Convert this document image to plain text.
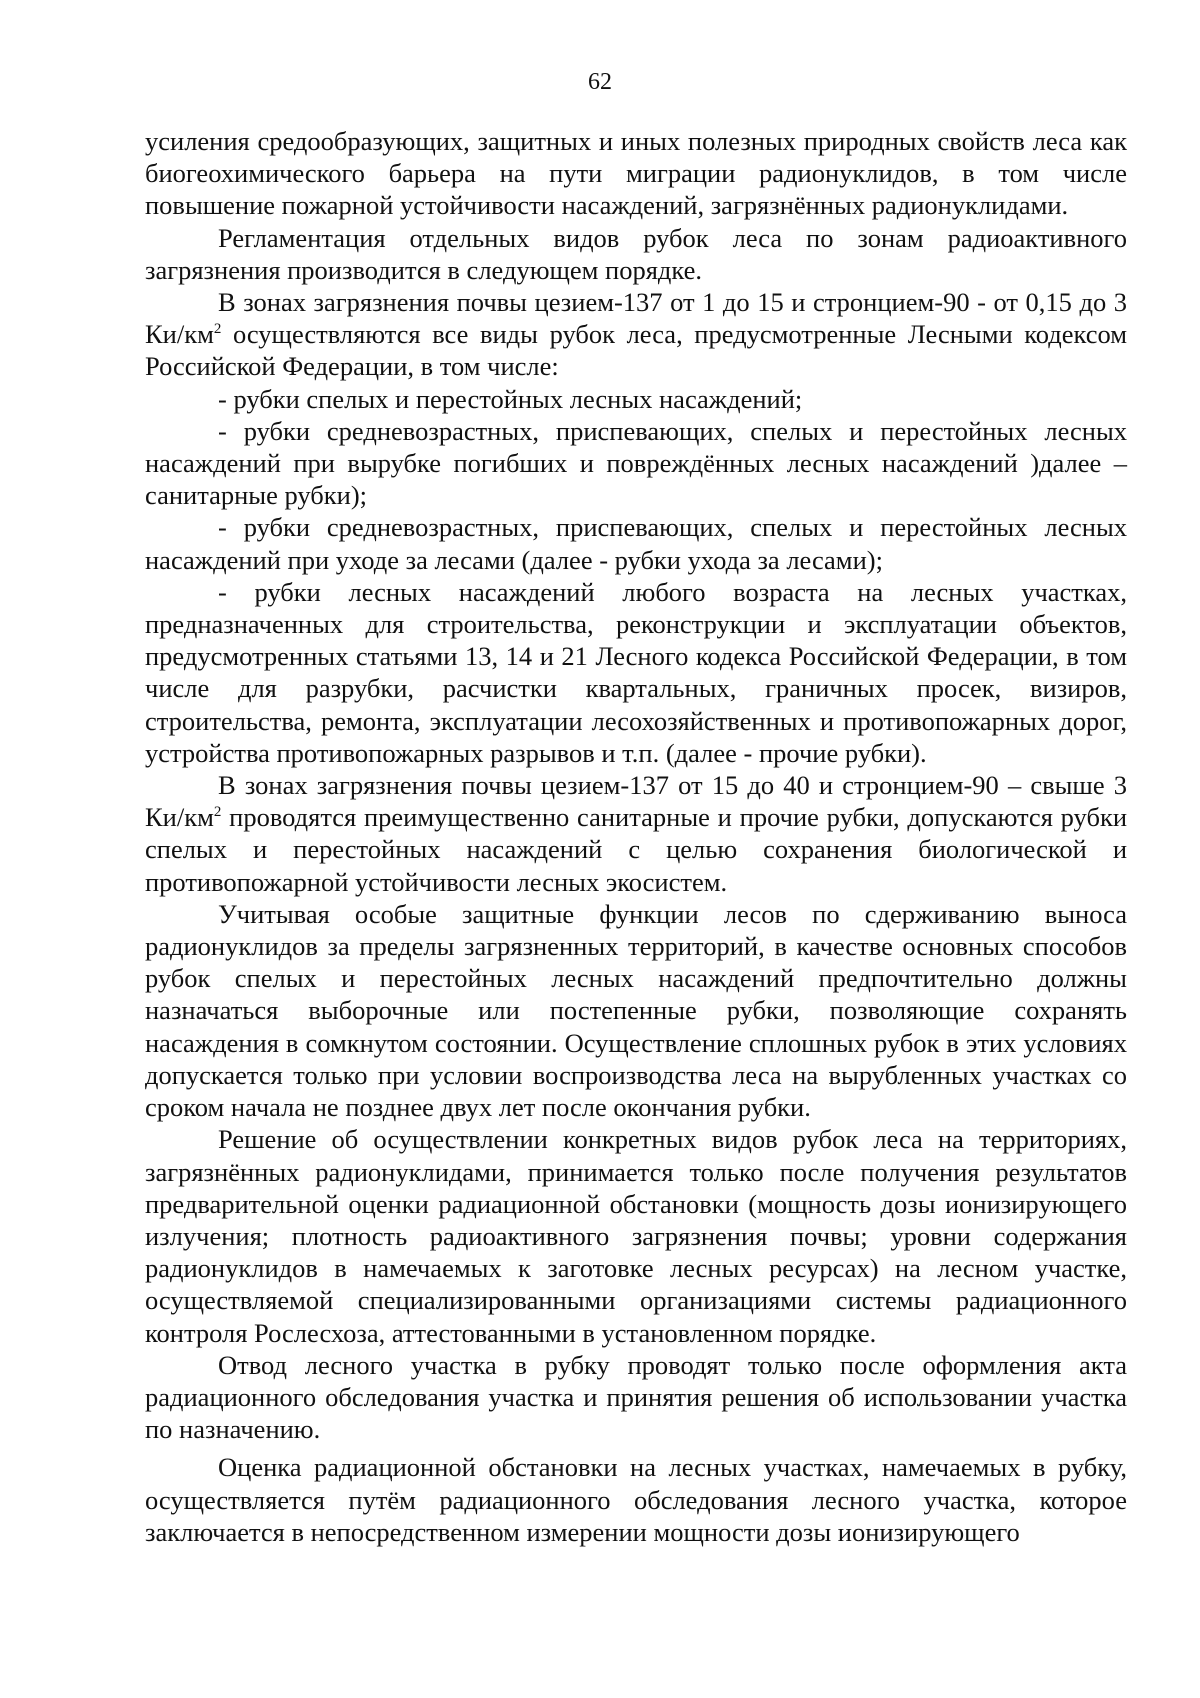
62

усиления средообразующих, защитных и иных полезных природных свойств леса как биогеохимического барьера на пути миграции радионуклидов, в том числе повышение пожарной устойчивости насаждений, загрязнённых радионуклидами.

Регламентация отдельных видов рубок леса по зонам радиоактивного загрязнения производится в следующем порядке.

В зонах загрязнения почвы цезием-137 от 1 до 15 и стронцием-90 - от 0,15 до 3 $Ки/км^2$ осуществляются все виды рубок леса, предусмотренные Лесными кодексом Российской Федерации, в том числе:

- рубки спелых и перестойных лесных насаждений;

- рубки средневозрастных, приспевающих, спелых и перестойных лесных насаждений при вырубке погибших и повреждённых лесных насаждений )далее – санитарные рубки);

- рубки средневозрастных, приспевающих, спелых и перестойных лесных насаждений при уходе за лесами (далее - рубки ухода за лесами);

- рубки лесных насаждений любого возраста на лесных участках, предназначенных для строительства, реконструкции и эксплуатации объектов, предусмотренных статьями 13, 14 и 21 Лесного кодекса Российской Федерации, в том числе для разрубки, расчистки квартальных, граничных просек, визиров, строительства, ремонта, эксплуатации лесохозяйственных и противопожарных дорог, устройства противопожарных разрывов и т.п. (далее - прочие рубки).

В зонах загрязнения почвы цезием-137 от 15 до 40 и стронцием-90 – свыше 3 $Ки/км^2$ проводятся преимущественно санитарные и прочие рубки, допускаются рубки спелых и перестойных насаждений с целью сохранения биологической и противопожарной устойчивости лесных экосистем.

Учитывая особые защитные функции лесов по сдерживанию выноса радионуклидов за пределы загрязненных территорий, в качестве основных способов рубок спелых и перестойных лесных насаждений предпочтительно должны назначаться выборочные или постепенные рубки, позволяющие сохранять насаждения в сомкнутом состоянии. Осуществление сплошных рубок в этих условиях допускается только при условии воспроизводства леса на вырубленных участках со сроком начала не позднее двух лет после окончания рубки.

Решение об осуществлении конкретных видов рубок леса на территориях, загрязнённых радионуклидами, принимается только после получения результатов предварительной оценки радиационной обстановки (мощность дозы ионизирующего излучения; плотность радиоактивного загрязнения почвы; уровни содержания радионуклидов в намечаемых к заготовке лесных ресурсах) на лесном участке, осуществляемой специализированными организациями системы радиационного контроля Рослесхоза, аттестованными в установленном порядке.

Отвод лесного участка в рубку проводят только после оформления акта радиационного обследования участка и принятия решения об использовании участка по назначению.

Оценка радиационной обстановки на лесных участках, намечаемых в рубку, осуществляется путём радиационного обследования лесного участка, которое заключается в непосредственном измерении мощности дозы ионизирующего
